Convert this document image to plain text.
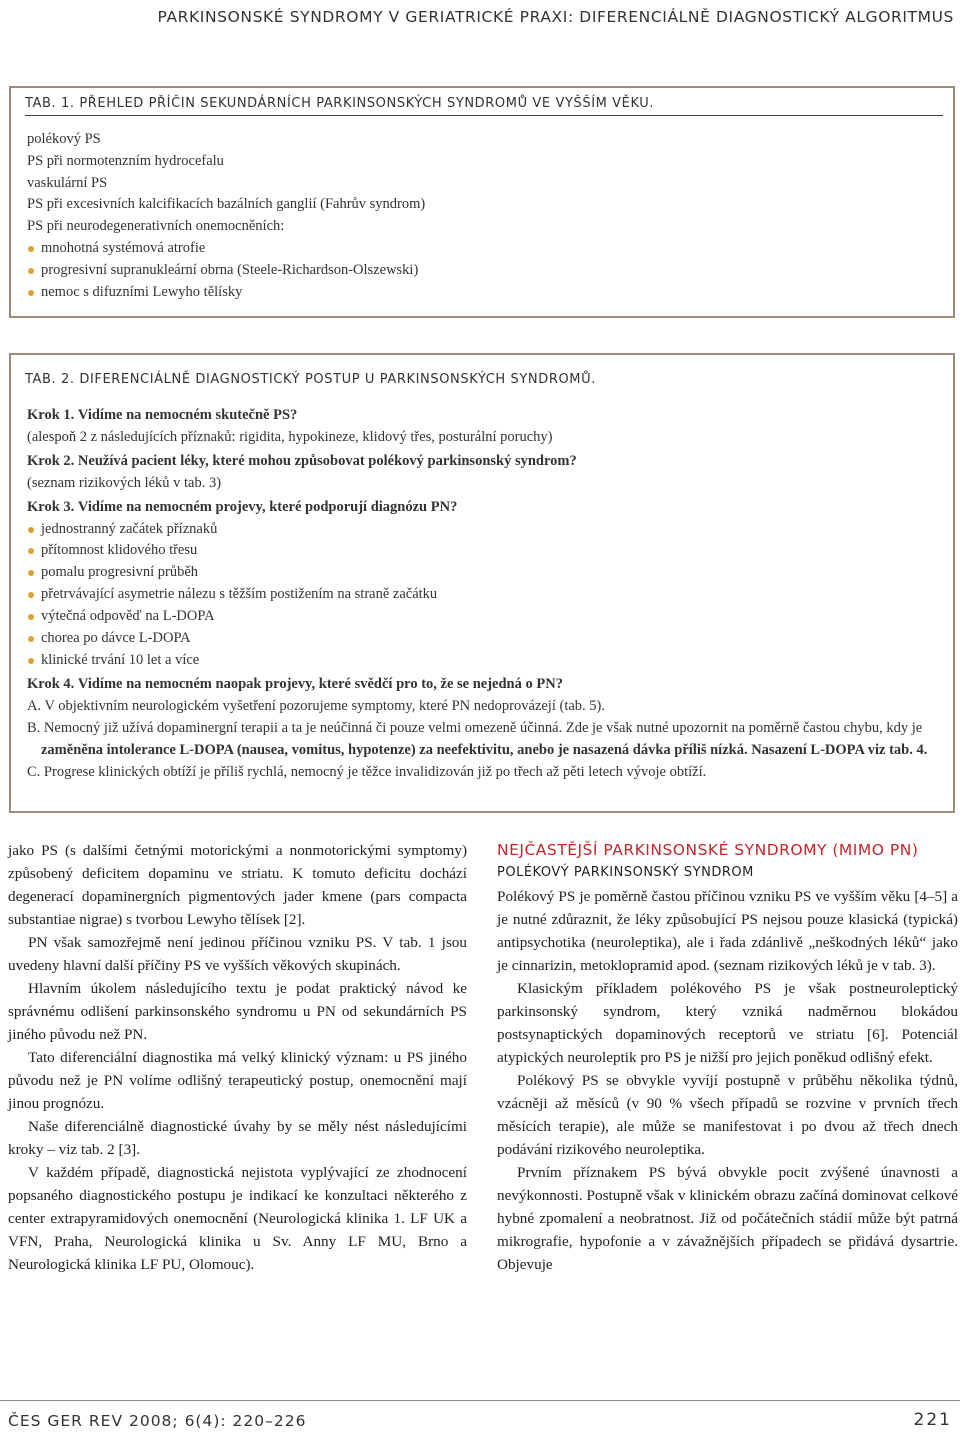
PARKINSONSKÉ SYNDROMY V GERIATRICKÉ PRAXI: DIFERENCIÁLNĚ DIAGNOSTICKÝ ALGORITMUS
TAB. 1. PŘEHLED PŘÍČIN SEKUNDÁRNÍCH PARKINSONSKÝCH SYNDROMŮ VE VYŠŠÍM VĚKU.
polékový PS
PS při normotenzním hydrocefalu
vaskulární PS
PS při excesivních kalcifikacích bazálních ganglií (Fahrův syndrom)
PS při neurodegenerativních onemocněních:
mnohotná systémová atrofie
progresivní supranukleární obrna (Steele-Richardson-Olszewski)
nemoc s difuzními Lewyho tělísky
TAB. 2. DIFERENCIÁLNĚ DIAGNOSTICKÝ POSTUP U PARKINSONSKÝCH SYNDROMŮ.
Krok 1. Vidíme na nemocném skutečně PS?
(alespoň 2 z následujících příznaků: rigidita, hypokineze, klidový třes, posturální poruchy)
Krok 2. Neužívá pacient léky, které mohou způsobovat polékový parkinsonský syndrom?
(seznam rizikových léků v tab. 3)
Krok 3. Vidíme na nemocném projevy, které podporují diagnózu PN?
jednostranný začátek příznaků
přítomnost klidového třesu
pomalu progresivní průběh
přetrvávající asymetrie nálezu s těžším postižením na straně začátku
výtečná odpověď na L-DOPA
chorea po dávce L-DOPA
klinické trvání 10 let a více
Krok 4. Vidíme na nemocném naopak projevy, které svědčí pro to, že se nejedná o PN?
A. V objektivním neurologickém vyšetření pozorujeme symptomy, které PN nedoprovázejí (tab. 5).
B. Nemocný již užívá dopaminergní terapii a ta je neúčinná či pouze velmi omezeně účinná. Zde je však nutné upozornit na poměrně častou chybu, kdy je zaměněna intolerance L-DOPA (nausea, vomitus, hypotenze) za neefektivitu, anebo je nasazená dávka příliš nízká. Nasazení L-DOPA viz tab. 4.
C. Progrese klinických obtíží je příliš rychlá, nemocný je těžce invalidizován již po třech až pěti letech vývoje obtíží.

jako PS (s dalšími četnými motorickými a nonmotorickými symptomy) způsobený deficitem dopaminu ve striatu. K tomuto deficitu dochází degenerací dopaminergních pigmentových jader kmene (pars compacta substantiae nigrae) s tvorbou Lewyho tělísek [2].

PN však samozřejmě není jedinou příčinou vzniku PS. V tab. 1 jsou uvedeny hlavní další příčiny PS ve vyšších věkových skupinách.

Hlavním úkolem následujícího textu je podat praktický návod ke správnému odlišení parkinsonského syndromu u PN od sekundárních PS jiného původu než PN.

Tato diferenciální diagnostika má velký klinický význam: u PS jiného původu než je PN volíme odlišný terapeutický postup, onemocnění mají jinou prognózu.

Naše diferenciálně diagnostické úvahy by se měly nést následujícími kroky – viz tab. 2 [3].

V každém případě, diagnostická nejistota vyplývající ze zhodnocení popsaného diagnostického postupu je indikací ke konzultaci některého z center extrapyramidových onemocnění (Neurologická klinika 1. LF UK a VFN, Praha, Neurologická klinika u Sv. Anny LF MU, Brno a Neurologická klinika LF PU, Olomouc).

NEJČASTĚJŠÍ PARKINSONSKÉ SYNDROMY (MIMO PN)
POLÉKOVÝ PARKINSONSKÝ SYNDROM

Polékový PS je poměrně častou příčinou vzniku PS ve vyšším věku [4–5] a je nutné zdůraznit, že léky způsobující PS nejsou pouze klasická (typická) antipsychotika (neuroleptika), ale i řada zdánlivě „neškodných léků“ jako je cinnarizin, metoklopramid apod. (seznam rizikových léků je v tab. 3).

Klasickým příkladem polékového PS je však postneuroleptický parkinsonský syndrom, který vzniká nadměrnou blokádou postsynaptických dopaminových receptorů ve striatu [6]. Potenciál atypických neuroleptik pro PS je nižší pro jejich poněkud odlišný efekt.

Polékový PS se obvykle vyvíjí postupně v průběhu několika týdnů, vzácněji až měsíců (v 90 % všech případů se rozvine v prvních třech měsících terapie), ale může se manifestovat i po dvou až třech dnech podávání rizikového neuroleptika.

Prvním příznakem PS bývá obvykle pocit zvýšené únavnosti a nevýkonnosti. Postupně však v klinickém obrazu začíná dominovat celkové hybné zpomalení a neobratnost. Již od počátečních stádií může být patrná mikrografie, hypofonie a v závažnějších případech se přidává dysartrie. Objevuje

ČES GER REV 2008; 6(4): 220–226	221
